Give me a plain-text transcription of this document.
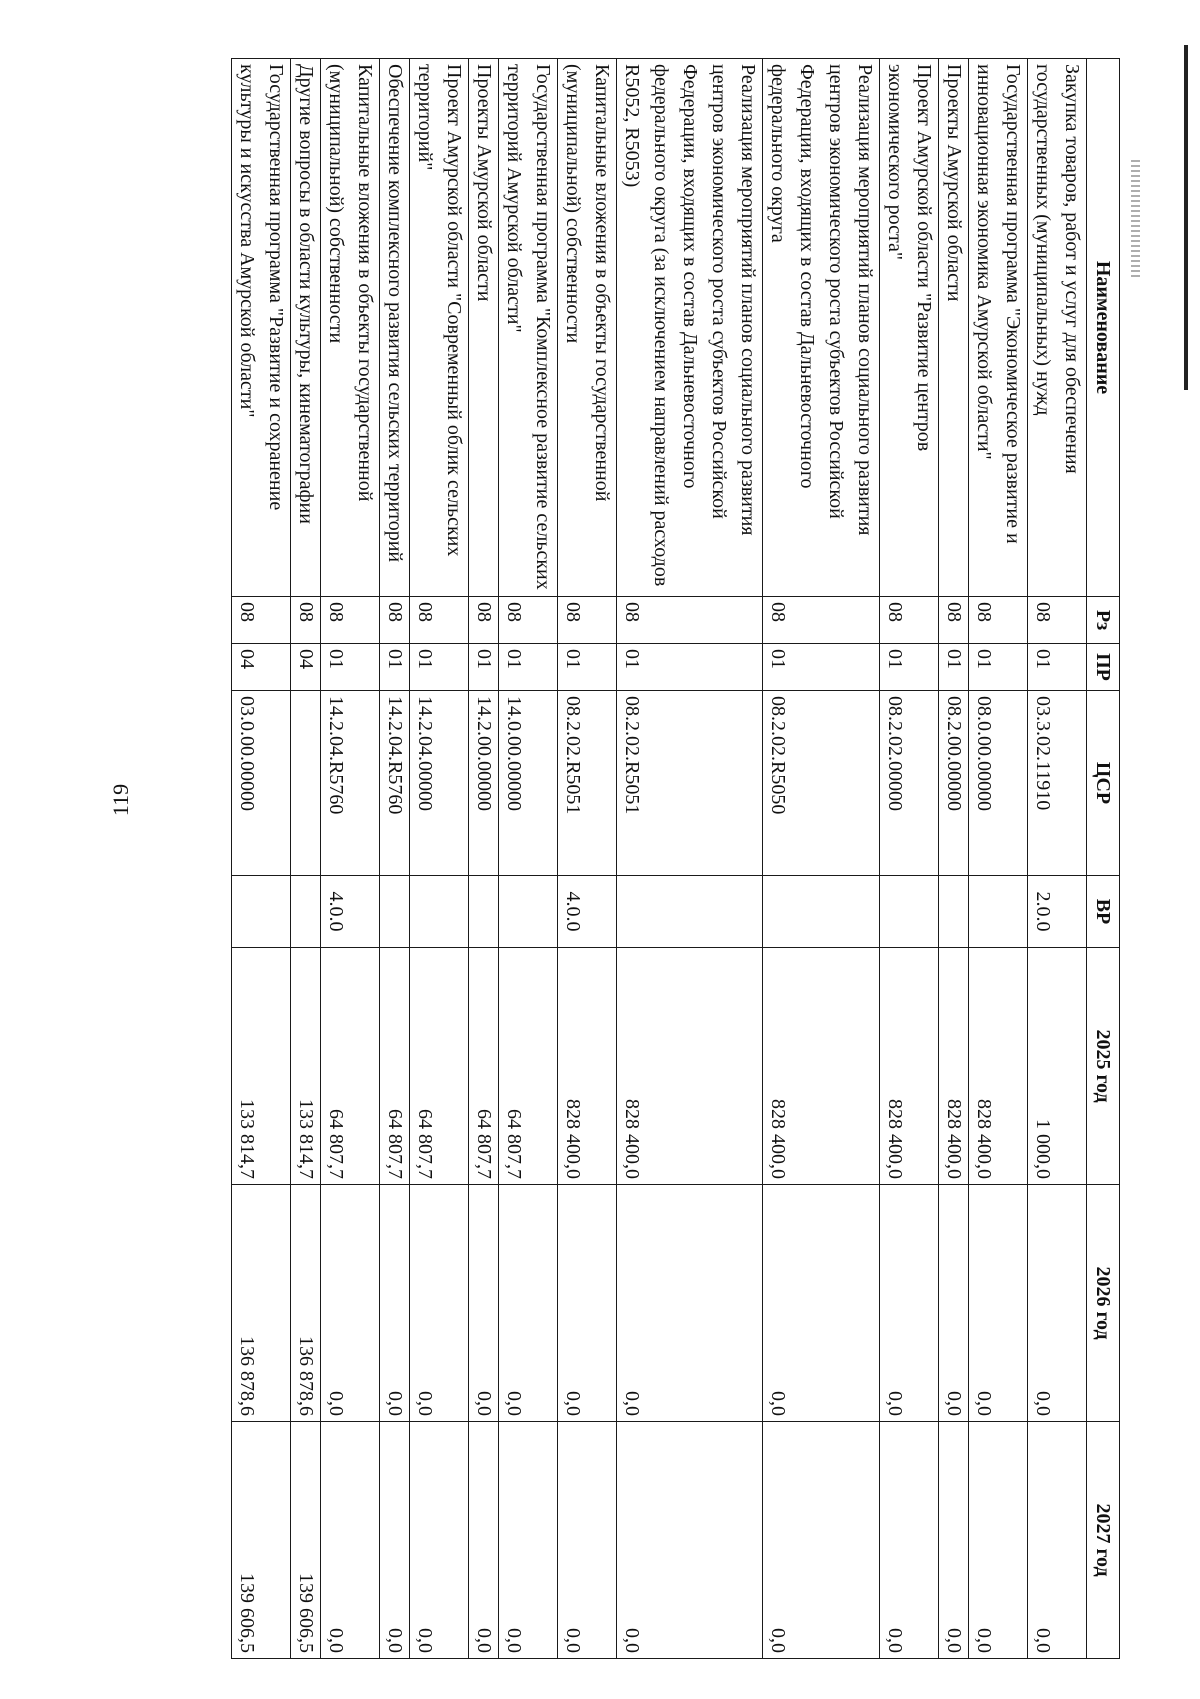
119
Наименование	Рз	ПР	ЦСР	ВР	2025 год	2026 год	2027 год
Закупка товаров, работ и услуг для обеспечения государственных (муниципальных) нужд	08	01	03.3.02.11910	2.0.0	1 000,0	0,0	0,0
Государственная программа "Экономическое развитие и инновационная экономика Амурской области"	08	01	08.0.00.00000		828 400,0	0,0	0,0
Проекты Амурской области	08	01	08.2.00.00000		828 400,0	0,0	0,0
Проект Амурской области "Развитие центров экономического роста"	08	01	08.2.02.00000		828 400,0	0,0	0,0
Реализация мероприятий планов социального развития центров экономического роста субъектов Российской Федерации, входящих в состав Дальневосточного федерального округа	08	01	08.2.02.R5050		828 400,0	0,0	0,0
Реализация мероприятий планов социального развития центров экономического роста субъектов Российской Федерации, входящих в состав Дальневосточного федерального округа (за исключением направлений расходов R5052, R5053)	08	01	08.2.02.R5051		828 400,0	0,0	0,0
Капитальные вложения в объекты государственной (муниципальной) собственности	08	01	08.2.02.R5051	4.0.0	828 400,0	0,0	0,0
Государственная программа "Комплексное развитие сельских территорий Амурской области"	08	01	14.0.00.00000		64 807,7	0,0	0,0
Проекты Амурской области	08	01	14.2.00.00000		64 807,7	0,0	0,0
Проект Амурской области "Современный облик сельских территорий"	08	01	14.2.04.00000		64 807,7	0,0	0,0
Обеспечение комплексного развития сельских территорий	08	01	14.2.04.R5760		64 807,7	0,0	0,0
Капитальные вложения в объекты государственной (муниципальной) собственности	08	01	14.2.04.R5760	4.0.0	64 807,7	0,0	0,0
Другие вопросы в области культуры, кинематографии	08	04			133 814,7	136 878,6	139 606,5
Государственная программа "Развитие и сохранение культуры и искусства Амурской области"	08	04	03.0.00.00000		133 814,7	136 878,6	139 606,5
